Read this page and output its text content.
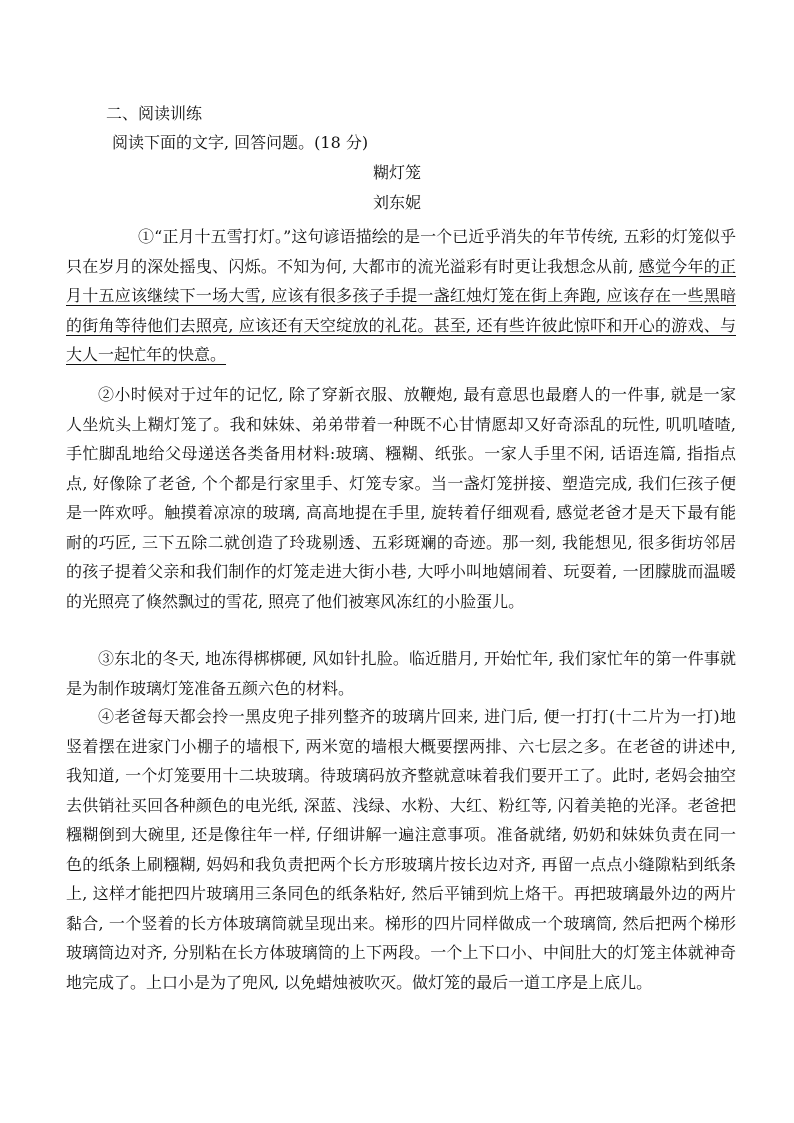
二、阅读训练
阅读下面的文字, 回答问题。(18 分)
糊灯笼
刘东妮

①“正月十五雪打灯。”这句谚语描绘的是一个已近乎消失的年节传统, 五彩的灯笼似乎只在岁月的深处摇曳、闪烁。不知为何, 大都市的流光溢彩有时更让我想念从前, 感觉今年的正月十五应该继续下一场大雪, 应该有很多孩子手提一盏红烛灯笼在街上奔跑, 应该存在一些黑暗的街角等待他们去照亮, 应该还有天空绽放的礼花。甚至, 还有些许彼此惊吓和开心的游戏、与大人一起忙年的快意。

②小时候对于过年的记忆, 除了穿新衣服、放鞭炮, 最有意思也最磨人的一件事, 就是一家人坐炕头上糊灯笼了。我和妹妹、弟弟带着一种既不心甘情愿却又好奇添乱的玩性, 叽叽喳喳, 手忙脚乱地给父母递送各类备用材料:玻璃、糨糊、纸张。一家人手里不闲, 话语连篇, 指指点点, 好像除了老爸, 个个都是行家里手、灯笼专家。当一盏灯笼拼接、塑造完成, 我们仨孩子便是一阵欢呼。触摸着凉凉的玻璃, 高高地提在手里, 旋转着仔细观看, 感觉老爸才是天下最有能耐的巧匠, 三下五除二就创造了玲珑剔透、五彩斑斓的奇迹。那一刻, 我能想见, 很多街坊邻居的孩子提着父亲和我们制作的灯笼走进大街小巷, 大呼小叫地嬉闹着、玩耍着, 一团朦胧而温暖的光照亮了倏然飘过的雪花, 照亮了他们被寒风冻红的小脸蛋儿。

③东北的冬天, 地冻得梆梆硬, 风如针扎脸。临近腊月, 开始忙年, 我们家忙年的第一件事就是为制作玻璃灯笼准备五颜六色的材料。

④老爸每天都会拎一黑皮兜子排列整齐的玻璃片回来, 进门后, 便一打打(十二片为一打)地竖着摆在进家门小棚子的墙根下, 两米宽的墙根大概要摆两排、六七层之多。在老爸的讲述中, 我知道, 一个灯笼要用十二块玻璃。待玻璃码放齐整就意味着我们要开工了。此时, 老妈会抽空去供销社买回各种颜色的电光纸, 深蓝、浅绿、水粉、大红、粉红等, 闪着美艳的光泽。老爸把糨糊倒到大碗里, 还是像往年一样, 仔细讲解一遍注意事项。准备就绪, 奶奶和妹妹负责在同一色的纸条上刷糨糊, 妈妈和我负责把两个长方形玻璃片按长边对齐, 再留一点点小缝隙粘到纸条上, 这样才能把四片玻璃用三条同色的纸条粘好, 然后平铺到炕上烙干。再把玻璃最外边的两片黏合, 一个竖着的长方体玻璃筒就呈现出来。梯形的四片同样做成一个玻璃筒, 然后把两个梯形玻璃筒边对齐, 分别粘在长方体玻璃筒的上下两段。一个上下口小、中间肚大的灯笼主体就神奇地完成了。上口小是为了兜风, 以免蜡烛被吹灭。做灯笼的最后一道工序是上底儿。
